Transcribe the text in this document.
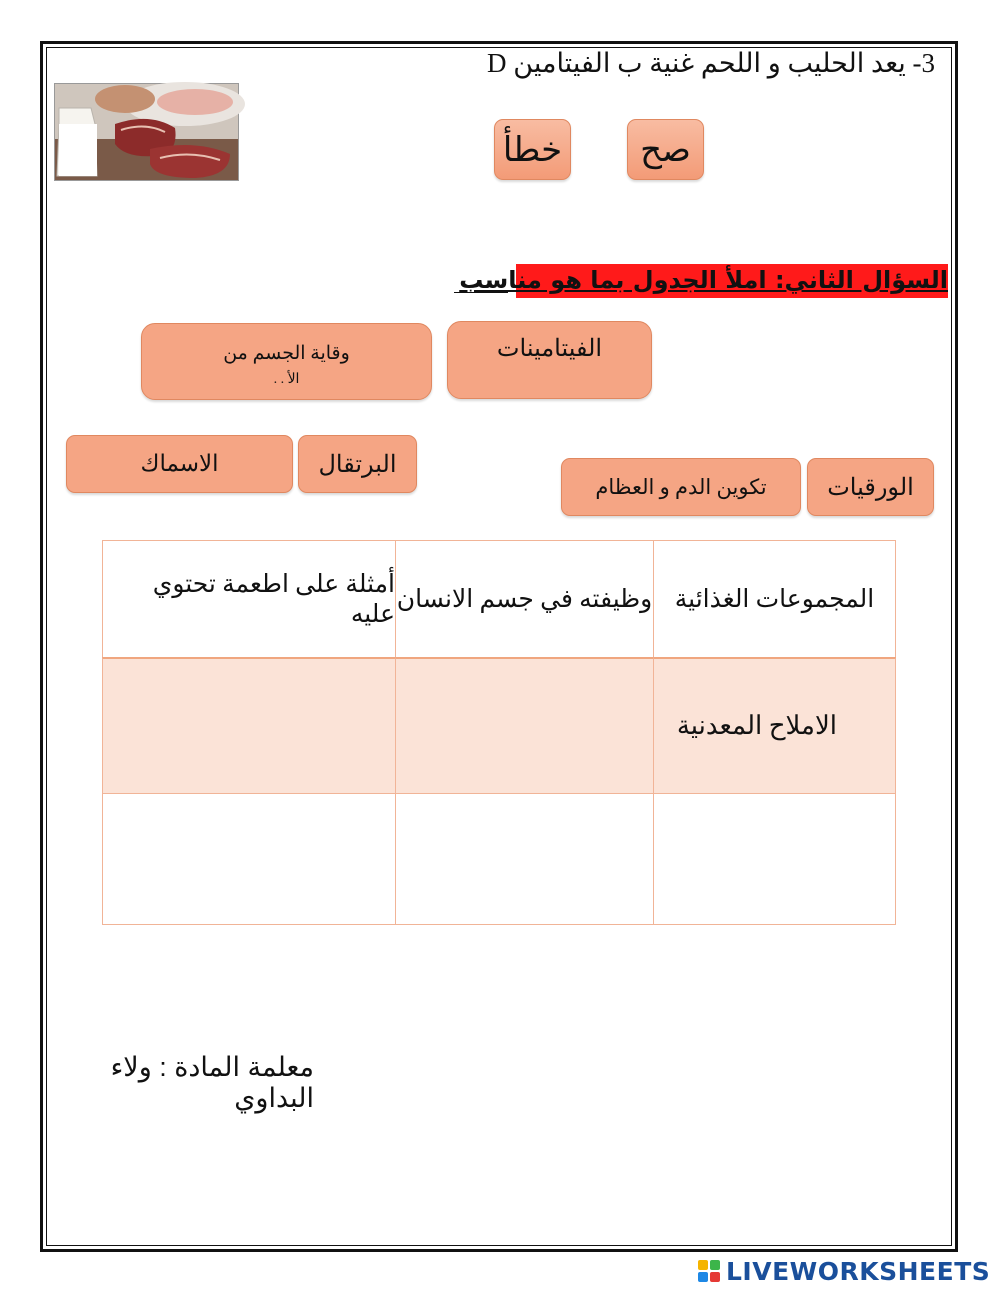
3- يعد الحليب و اللحم غنية ب الفيتامين D
صح
خطأ
السؤال الثاني: املأ الجدول بما هو مناسب
الفيتامينات
وقاية الجسم من
الأ . .
البرتقال
الاسماك
الورقيات
تكوين الدم و العظام
المجموعات الغذائية
وظيفته في جسم الانسان
أمثلة على اطعمة تحتوي عليه
الاملاح المعدنية
معلمة المادة : ولاء البداوي
LIVEWORKSHEETS
